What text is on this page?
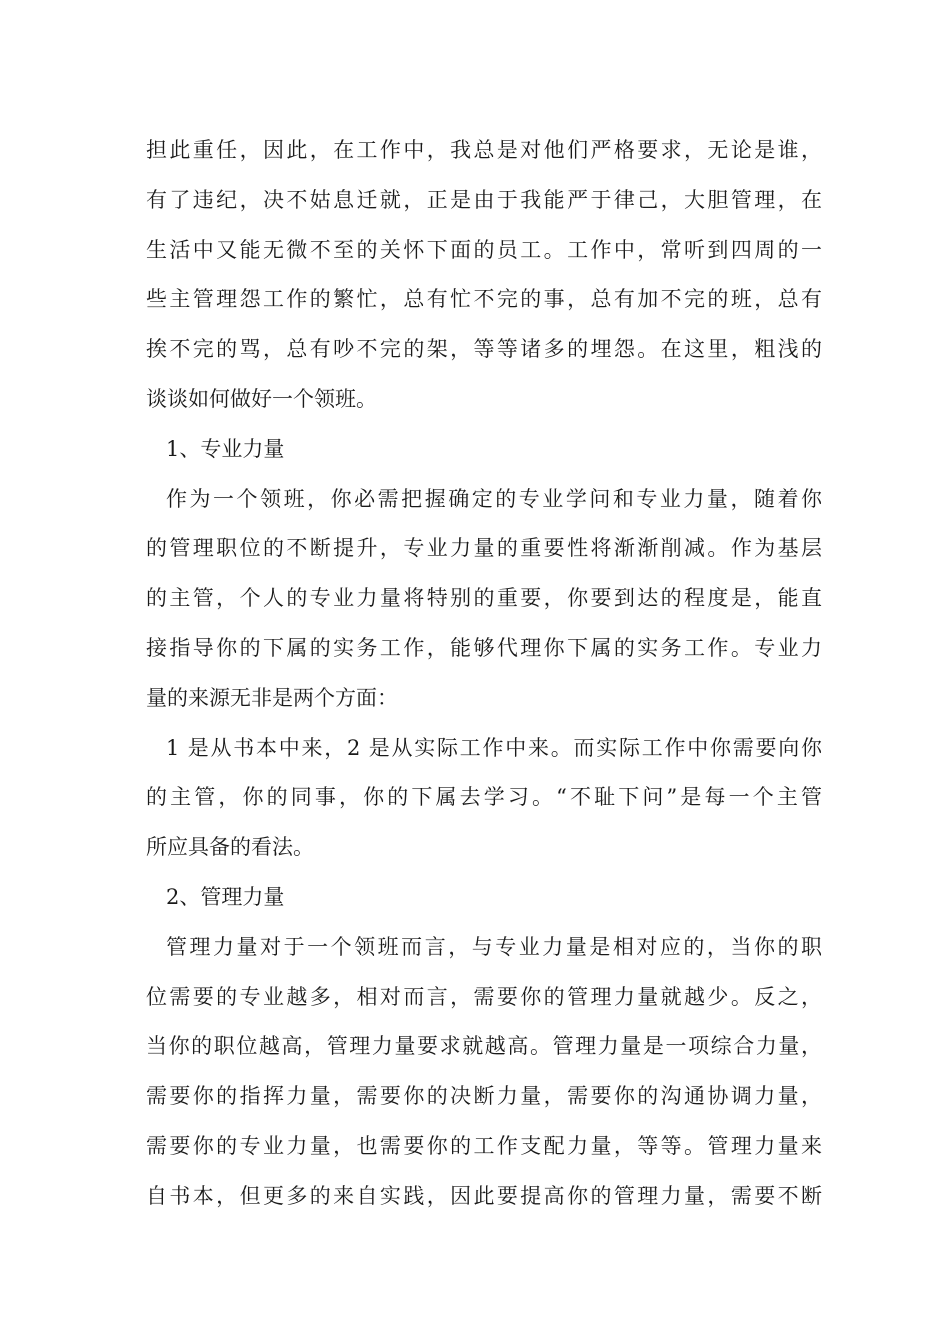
担此重任，因此，在工作中，我总是对他们严格要求，无论是谁，
有了违纪，决不姑息迁就，正是由于我能严于律己，大胆管理，在
生活中又能无微不至的关怀下面的员工。工作中，常听到四周的一
些主管理怨工作的繁忙，总有忙不完的事，总有加不完的班，总有
挨不完的骂，总有吵不完的架，等等诸多的埋怨。在这里，粗浅的
谈谈如何做好一个领班。
1、专业力量
作为一个领班，你必需把握确定的专业学问和专业力量，随着你
的管理职位的不断提升，专业力量的重要性将渐渐削减。作为基层
的主管，个人的专业力量将特别的重要，你要到达的程度是，能直
接指导你的下属的实务工作，能够代理你下属的实务工作。专业力
量的来源无非是两个方面：
1 是从书本中来，2 是从实际工作中来。而实际工作中你需要向你
的主管，你的同事，你的下属去学习。“不耻下问”是每一个主管
所应具备的看法。
2、管理力量
管理力量对于一个领班而言，与专业力量是相对应的，当你的职
位需要的专业越多，相对而言，需要你的管理力量就越少。反之，
当你的职位越高，管理力量要求就越高。管理力量是一项综合力量，
需要你的指挥力量，需要你的决断力量，需要你的沟通协调力量，
需要你的专业力量，也需要你的工作支配力量，等等。管理力量来
自书本，但更多的来自实践，因此要提高你的管理力量，需要不断
